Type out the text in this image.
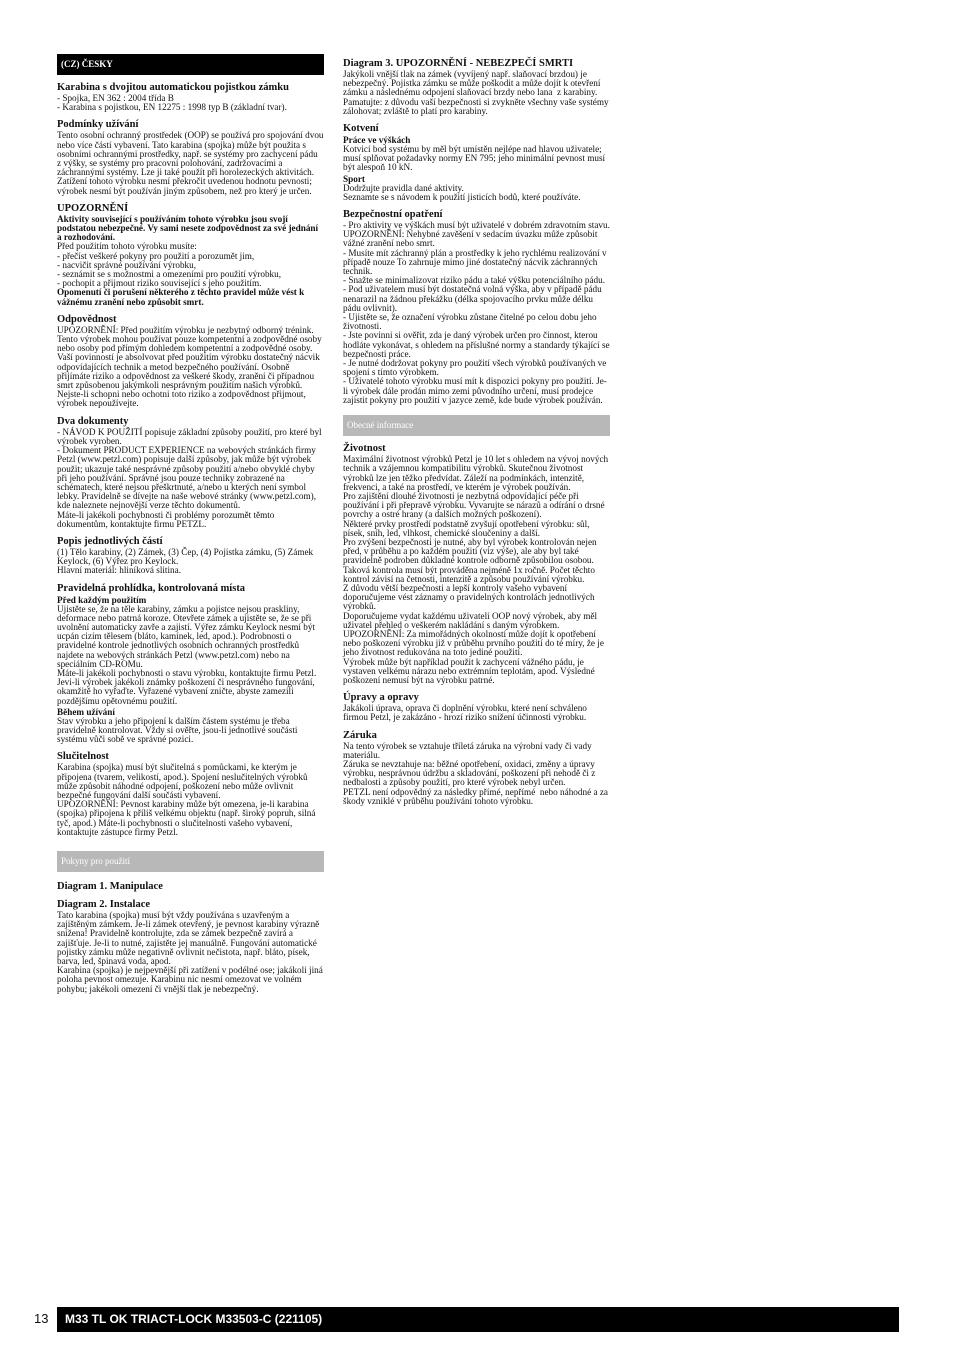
(CZ) ČESKY
Karabina s dvojitou automatickou pojistkou zámku

- Spojka, EN 362 : 2004 třída B
- Karabina s pojistkou, EN 12275 : 1998 typ B (základní tvar).

Podmínky užívání

Tento osobní ochranný prostředek (OOP) se používá pro spojování dvou nebo více částí vybavení. Tato karabina (spojka) může být použita s osobními ochrannými prostředky, např. se systémy pro zachycení pádu z výšky, se systémy pro pracovní polohování, zadržovacími a záchrannými systémy. Lze ji také použít při horolezeckých aktivitách.
Zatížení tohoto výrobku nesmí překročit uvedenou hodnotu pevnosti; výrobek nesmí být používán jiným způsobem, než pro který je určen.

UPOZORNĚNÍ

Aktivity související s používáním tohoto výrobku jsou svojí podstatou nebezpečné. Vy sami nesete zodpovědnost za své jednání a rozhodování.

Před použitím tohoto výrobku musíte:
- přečíst veškeré pokyny pro použití a porozumět jim,
- nacvičit správné používání výrobku,
- seznámit se s možnostmi a omezeními pro použití výrobku,
- pochopit a přijmout riziko související s jeho použitím.

Opomenutí či porušení některého z těchto pravidel může vést k vážnému zranění nebo způsobit smrt.

Odpovědnost

UPOZORNĚNÍ: Před použitím výrobku je nezbytný odborný trénink. Tento výrobek mohou používat pouze kompetentní a zodpovědné osoby nebo osoby pod přímým dohledem kompetentní a zodpovědné osoby.
Vaší povinností je absolvovat před použitím výrobku dostatečný nácvik odpovídajících technik a metod bezpečného používání. Osobně přijímáte riziko a odpovědnost za veškeré škody, zranění či případnou smrt způsobenou jakýmkoli nesprávným použitím našich výrobků. Nejste-li schopni nebo ochotni toto riziko a zodpovědnost přijmout, výrobek nepoužívejte.

Dva dokumenty

- NÁVOD K POUŽITÍ popisuje základní způsoby použití, pro které byl výrobek vyroben.
- Dokument PRODUCT EXPERIENCE na webových stránkách firmy Petzl (www.petzl.com) popisuje další způsoby, jak může být výrobek použit; ukazuje také nesprávné způsoby použití a/nebo obvyklé chyby při jeho používání. Správné jsou pouze techniky zobrazené na schématech, které nejsou přeškrtnuté, a/nebo u kterých není symbol lebky. Pravidelně se dívejte na naše webové stránky (www.petzl.com), kde naleznete nejnovější verze těchto dokumentů.
Máte-li jakékoli pochybnosti či problémy porozumět těmto dokumentům, kontaktujte firmu PETZL.

Popis jednotlivých částí

(1) Tělo karabiny, (2) Zámek, (3) Čep, (4) Pojistka zámku, (5) Zámek Keylock, (6) Výřez pro Keylock.
Hlavní materiál: hliníková slitina.

Pravidelná prohlídka, kontrolovaná místa
Před každým použitím

Ujistěte se, že na těle karabiny, zámku a pojistce nejsou praskliny, deformace nebo patrná koroze. Otevřete zámek a ujistěte se, že se při uvolnění automaticky zavře a zajistí. Výřez zámku Keylock nesmí být ucpán cizím tělesem (bláto, kamínek, led, apod.). Podrobnosti o pravidelné kontrole jednotlivých osobních ochranných prostředků najdete na webových stránkách Petzl (www.petzl.com) nebo na speciálním CD-ROMu.
Máte-li jakékoli pochybnosti o stavu výrobku, kontaktujte firmu Petzl. Jevi-li výrobek jakékoli známky poškození či nesprávného fungování, okamžitě ho vyřaďte. Vyřazené vybavení zničte, abyste zamezili pozdějšímu opětovnému použití.

Během užívání

Stav výrobku a jeho připojení k dalším částem systému je třeba pravidelně kontrolovat. Vždy si ověřte, jsou-li jednotlivé součásti systému vůči sobě ve správné pozici.

Slučitelnost

Karabina (spojka) musí být slučitelná s pomůckami, ke kterým je připojena (tvarem, velikostí, apod.). Spojení neslučitelných výrobků může způsobit náhodné odpojení, poškození nebo může ovlivnit bezpečné fungování další součásti vybavení.
UPOZORNĚNÍ: Pevnost karabiny může být omezena, je-li karabina (spojka) připojena k příliš velkému objektu (např. široký popruh, silná tyč, apod.) Máte-li pochybnosti o slučitelnosti vašeho vybavení, kontaktujte zástupce firmy Petzl.

Pokyny pro použití
Diagram 1. Manipulace
Diagram 2. Instalace

Tato karabina (spojka) musí být vždy používána s uzavřeným a zajištěným zámkem. Je-li zámek otevřený, je pevnost karabiny výrazně snížena! Pravidelně kontrolujte, zda se zámek bezpečně zavírá a zajišťuje. Je-li to nutné, zajistěte jej manuálně. Fungování automatické pojistky zámku může negativně ovlivnit nečistota, např. bláto, písek, barva, led, špinavá voda, apod.
Karabina (spojka) je nejpevnější při zatížení v podélné ose; jakákoli jiná poloha pevnost omezuje. Karabinu nic nesmí omezovat ve volném pohybu; jakékoli omezení či vnější tlak je nebezpečný.

Diagram 3. UPOZORNĚNÍ - NEBEZPEČÍ SMRTI

Jakýkoli vnější tlak na zámek (vyvíjený např. slaňovací brzdou) je nebezpečný. Pojistka zámku se může poškodit a může dojít k otevření zámku a následnému odpojení slaňovací brzdy nebo lana  z karabiny.
Pamatujte: z důvodu vaší bezpečnosti si zvykněte všechny vaše systémy zálohovat; zvláště to platí pro karabiny.

Kotvení
Práce ve výškách

Kotvicí bod systému by měl být umístěn nejlépe nad hlavou uživatele; musí splňovat požadavky normy EN 795; jeho minimální pevnost musí být alespoň 10 kN.

Sport

Dodržujte pravidla dané aktivity.
Seznamte se s návodem k použití jisticích bodů, které používáte.

Bezpečnostní opatření

- Pro aktivity ve výškách musí být uživatelé v dobrém zdravotním stavu.
UPOZORNĚNÍ: Nehybné zavěšení v sedacím úvazku může způsobit vážné zranění nebo smrt.
- Musíte mít záchranný plán a prostředky k jeho rychlému realizování v případě nouze To zahrnuje mimo jiné dostatečný nácvik záchranných technik.
- Snažte se minimalizovat riziko pádu a také výšku potenciálního pádu.
- Pod uživatelem musí být dostatečná volná výška, aby v případě pádu nenarazil na žádnou překážku (délka spojovacího prvku může délku pádu ovlivnit).
- Ujistěte se, že označení výrobku zůstane čitelné po celou dobu jeho životnosti.
- Jste povinni si ověřit, zda je daný výrobek určen pro činnost, kterou hodláte vykonávat, s ohledem na příslušné normy a standardy týkající se bezpečnosti práce.
- Je nutné dodržovat pokyny pro použití všech výrobků používaných ve spojení s tímto výrobkem.
- Uživatelé tohoto výrobku musí mít k dispozici pokyny pro použití. Je-li výrobek dále prodán mimo zemi původního určení, musí prodejce zajistit pokyny pro použití v jazyce země, kde bude výrobek používán.

Obecné informace
Životnost

Maximální životnost výrobků Petzl je 10 let s ohledem na vývoj nových technik a vzájemnou kompatibilitu výrobků. Skutečnou životnost výrobků lze jen těžko předvídat. Záleží na podmínkách, intenzitě, frekvenci, a také na prostředí, ve kterém je výrobek používán.
Pro zajištění dlouhé životnosti je nezbytná odpovídající péče při používání i při přepravě výrobku. Vyvarujte se nárazů a odírání o drsné povrchy a ostré hrany (a dalších možných poškození).
Některé prvky prostředí podstatně zvyšují opotřebení výrobku: sůl, písek, sníh, led, vlhkost, chemické sloučeniny a další.
Pro zvýšení bezpečnosti je nutné, aby byl výrobek kontrolován nejen před, v průběhu a po každém použití (viz výše), ale aby byl také pravidelně podroben důkladné kontrole odborně způsobilou osobou. Taková kontrola musí být prováděna nejméně 1x ročně. Počet těchto kontrol závisí na četnosti, intenzitě a způsobu používání výrobku.
Z důvodu větší bezpečnosti a lepší kontroly vašeho vybavení doporučujeme vést záznamy o pravidelných kontrolách jednotlivých výrobků.
Doporučujeme vydat každému uživateli OOP nový výrobek, aby měl uživatel přehled o veškerém nakládání s daným výrobkem.
UPOZORNĚNÍ: Za mimořádných okolností může dojít k opotřebení nebo poškození výrobku již v průběhu prvního použití do té míry, že je jeho životnost redukována na toto jediné použití.
Výrobek může být například použit k zachycení vážného pádu, je vystaven velkému nárazu nebo extrémním teplotám, apod. Výsledné poškození nemusí být na výrobku patrné.

Úpravy a opravy

Jakákoli úprava, oprava či doplnění výrobku, které není schváleno firmou Petzl, je zakázáno - hrozí riziko snížení účinnosti výrobku.

Záruka

Na tento výrobek se vztahuje tříletá záruka na výrobní vady či vady materiálu.
Záruka se nevztahuje na: běžné opotřebení, oxidaci, změny a úpravy výrobku, nesprávnou údržbu a skladování, poškození při nehodě či z nedbalosti a způsoby použití, pro které výrobek nebyl určen.
PETZL není odpovědný za následky přímé, nepřímé  nebo náhodné a za škody vzniklé v průběhu používání tohoto výrobku.

13	M33 TL OK TRIACT-LOCK M33503-C (221105)
